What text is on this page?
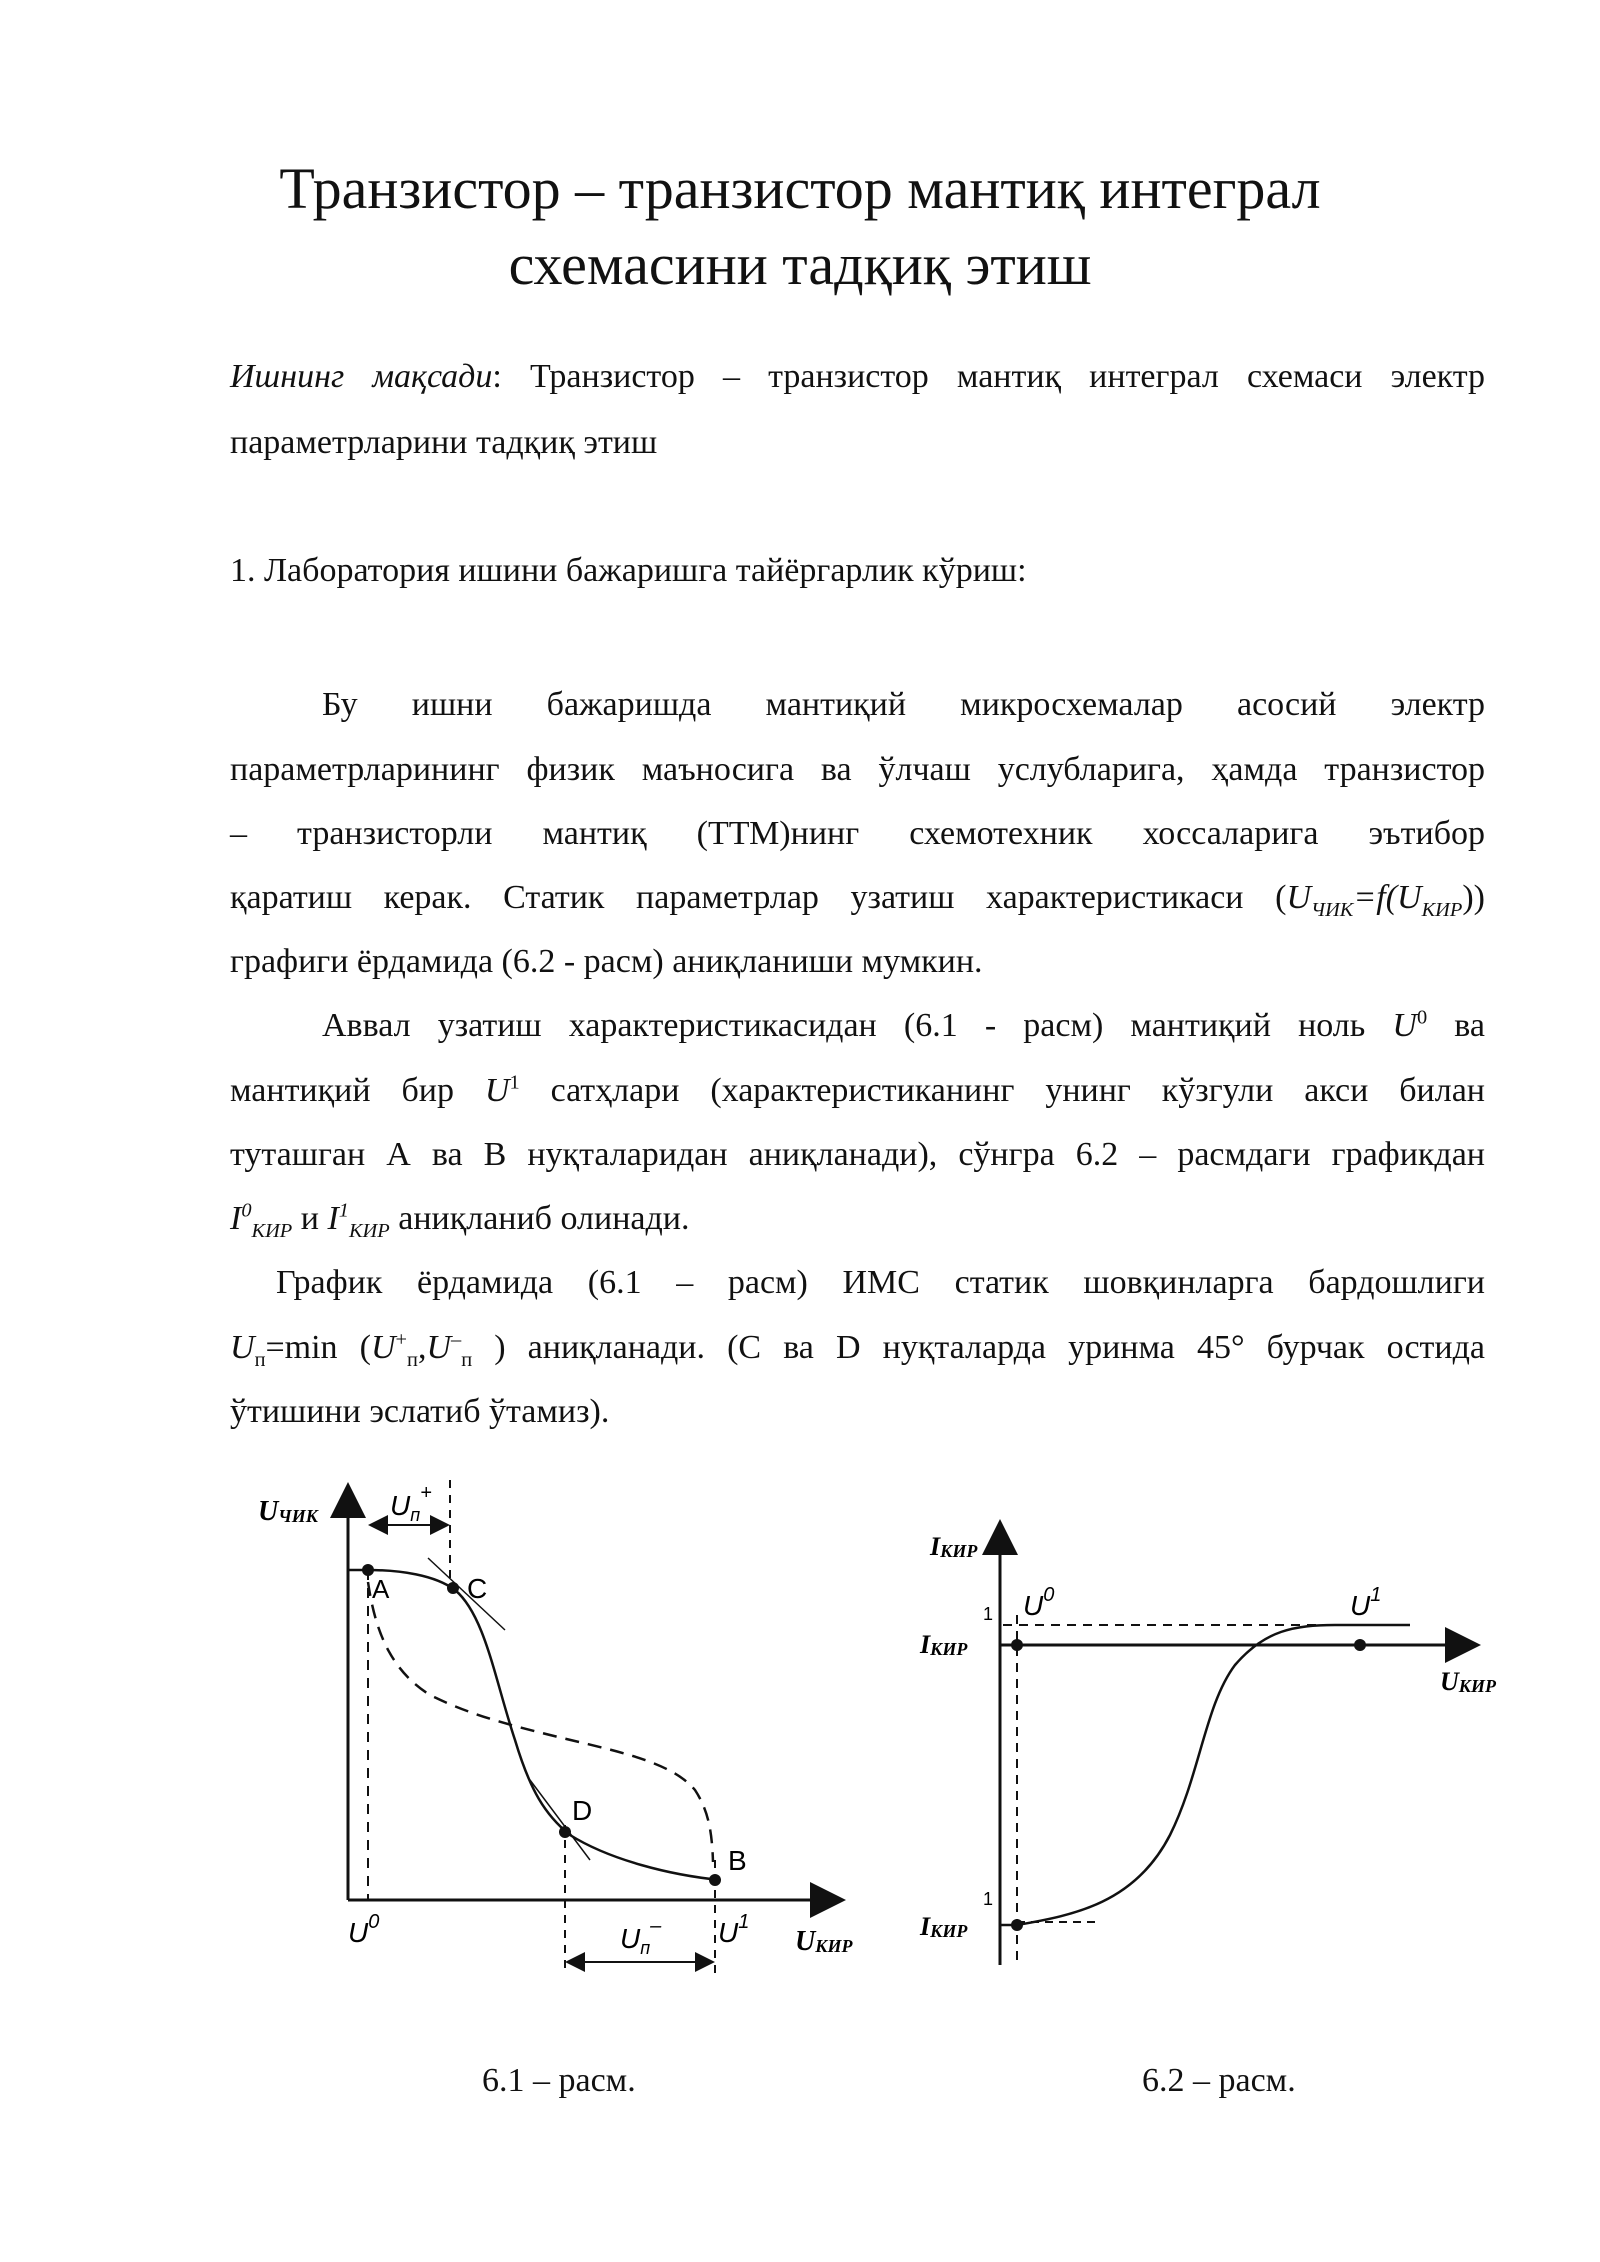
Транзистор – транзистор мантиқ интеграл
схемасини тадқиқ этиш
Ишнинг мақсади: Транзистор – транзистор мантиқ интеграл схемаси электр
параметрларини тадқиқ этиш
1. Лаборатория ишини бажаришга тайёргарлик кўриш:
Бу ишни бажаришда мантиқий микросхемалар асосий электр
параметрларининг физик маъносига ва ўлчаш услубларига, ҳамда транзистор
– транзисторли мантиқ (ТТМ)нинг схемотехник хоссаларига эътибор
қаратиш керак. Статик параметрлар узатиш характеристикаси $(U_{ЧИК}=f(U_{КИР}))$
графиги ёрдамида (6.2 - расм) аниқланиши мумкин.
Аввал узатиш характеристикасидан (6.1 - расм) мантиқий ноль $U^0$ ва
мантиқий бир $U^1$ сатҳлари (характеристиканинг унинг кўзгули акси билан
туташган А ва В нуқталаридан аниқланади), сўнгра 6.2 – расмдаги графикдан
$I^0_{КИР}$ и $I^1_{КИР}$ аниқланиб олинади.
График ёрдамида (6.1 – расм) ИМС статик шовқинларга бардошлиги
$U_п=\min$ ($U^+_п,U^-_п$ ) аниқланади. (С ва D нуқталарда уринма 45° бурчак остида
ўтишини эслатиб ўтамиз).
UЧИК
UКИР
$U_п^+$
$U_п^-$
A	C
D
B
$U^0$	$U^1$
IКИР
UКИР
$U^0$	$U^1$
IКИР
1
IКИР
1
6.1 – расм.	6.2 – расм.
